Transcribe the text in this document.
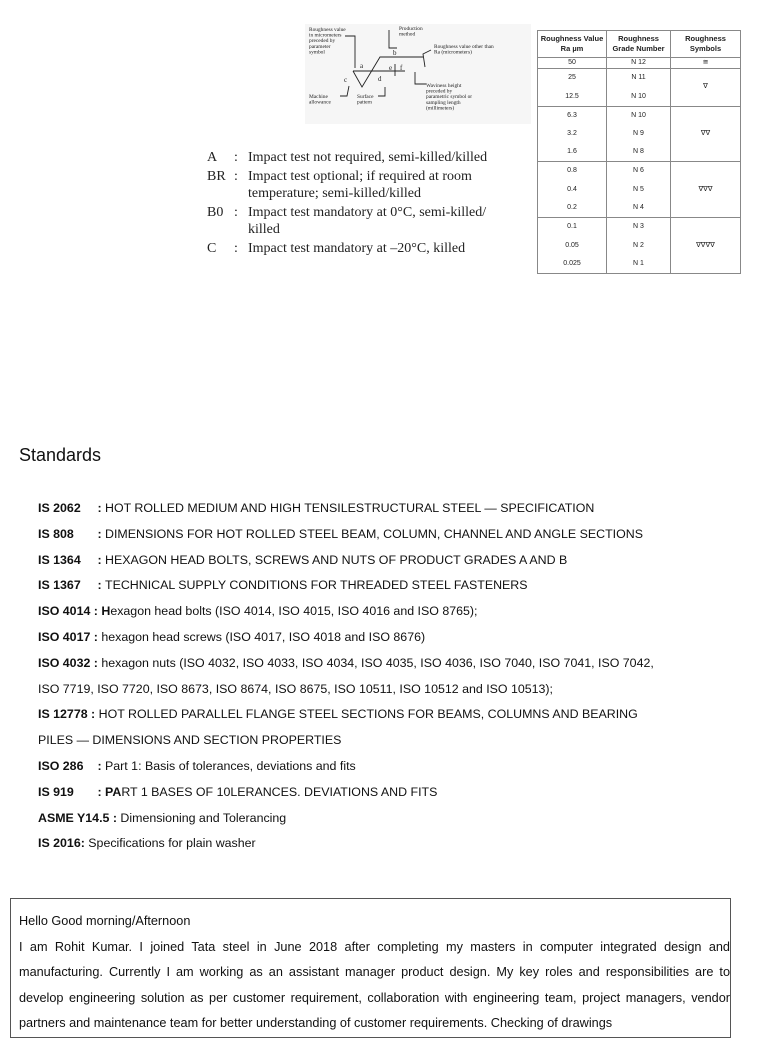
Roughness value in micrometers preceded by parameter symbol
Production method
Roughness value other than Ra (micrometers)
Waviness height preceded by parametric symbol or sampling length (millimeters)
Machine allowance
Surface pattern
a
b
c	d
e f
A	: Impact test not required, semi-killed/killed
BR : Impact test optional; if required at room temperature; semi-killed/killed
B0 : Impact test mandatory at 0°C, semi-killed/ killed
C	: Impact test mandatory at –20°C, killed
Roughness Value Ra µm	Roughness Grade Number	Roughness Symbols
50	N 12	≅
25	N 11	∇
12.5	N 10	
6.3	N 10	∇∇
3.2	N 9	
1.6	N 8	
0.8	N 6	∇∇∇
0.4	N 5	
0.2	N 4	
0.1	N 3	∇∇∇∇
0.05	N 2	
0.025	N 1	
Standards
IS 2062 : HOT ROLLED MEDIUM AND HIGH TENSILESTRUCTURAL STEEL — SPECIFICATION
IS 808 : DIMENSIONS FOR HOT ROLLED STEEL BEAM, COLUMN, CHANNEL AND ANGLE SECTIONS
IS 1364 : HEXAGON HEAD BOLTS, SCREWS AND NUTS OF PRODUCT GRADES A AND B
IS 1367 : TECHNICAL SUPPLY CONDITIONS FOR THREADED STEEL FASTENERS
ISO 4014 : Hexagon head bolts (ISO 4014, ISO 4015, ISO 4016 and ISO 8765);
ISO 4017 : hexagon head screws (ISO 4017, ISO 4018 and ISO 8676)
ISO 4032 : hexagon nuts (ISO 4032, ISO 4033, ISO 4034, ISO 4035, ISO 4036, ISO 7040, ISO 7041, ISO 7042, ISO 7719, ISO 7720, ISO 8673, ISO 8674, ISO 8675, ISO 10511, ISO 10512 and ISO 10513);
IS 12778 : HOT ROLLED PARALLEL FLANGE STEEL SECTIONS FOR BEAMS, COLUMNS AND BEARING PILES — DIMENSIONS AND SECTION PROPERTIES
ISO 286 : Part 1: Basis of tolerances, deviations and fits
IS 919 : PART 1 BASES OF 10LERANCES. DEVIATIONS AND FITS
ASME Y14.5 : Dimensioning and Tolerancing
IS 2016: Specifications for plain washer

Hello Good morning/Afternoon

I am Rohit Kumar. I joined Tata steel in June 2018 after completing my masters in computer integrated design and manufacturing. Currently I am working as an assistant manager product design. My key roles and responsibilities are to develop engineering solution as per customer requirement, collaboration with engineering team, project managers, vendor partners and maintenance team for better understanding of customer requirements. Checking of drawings
